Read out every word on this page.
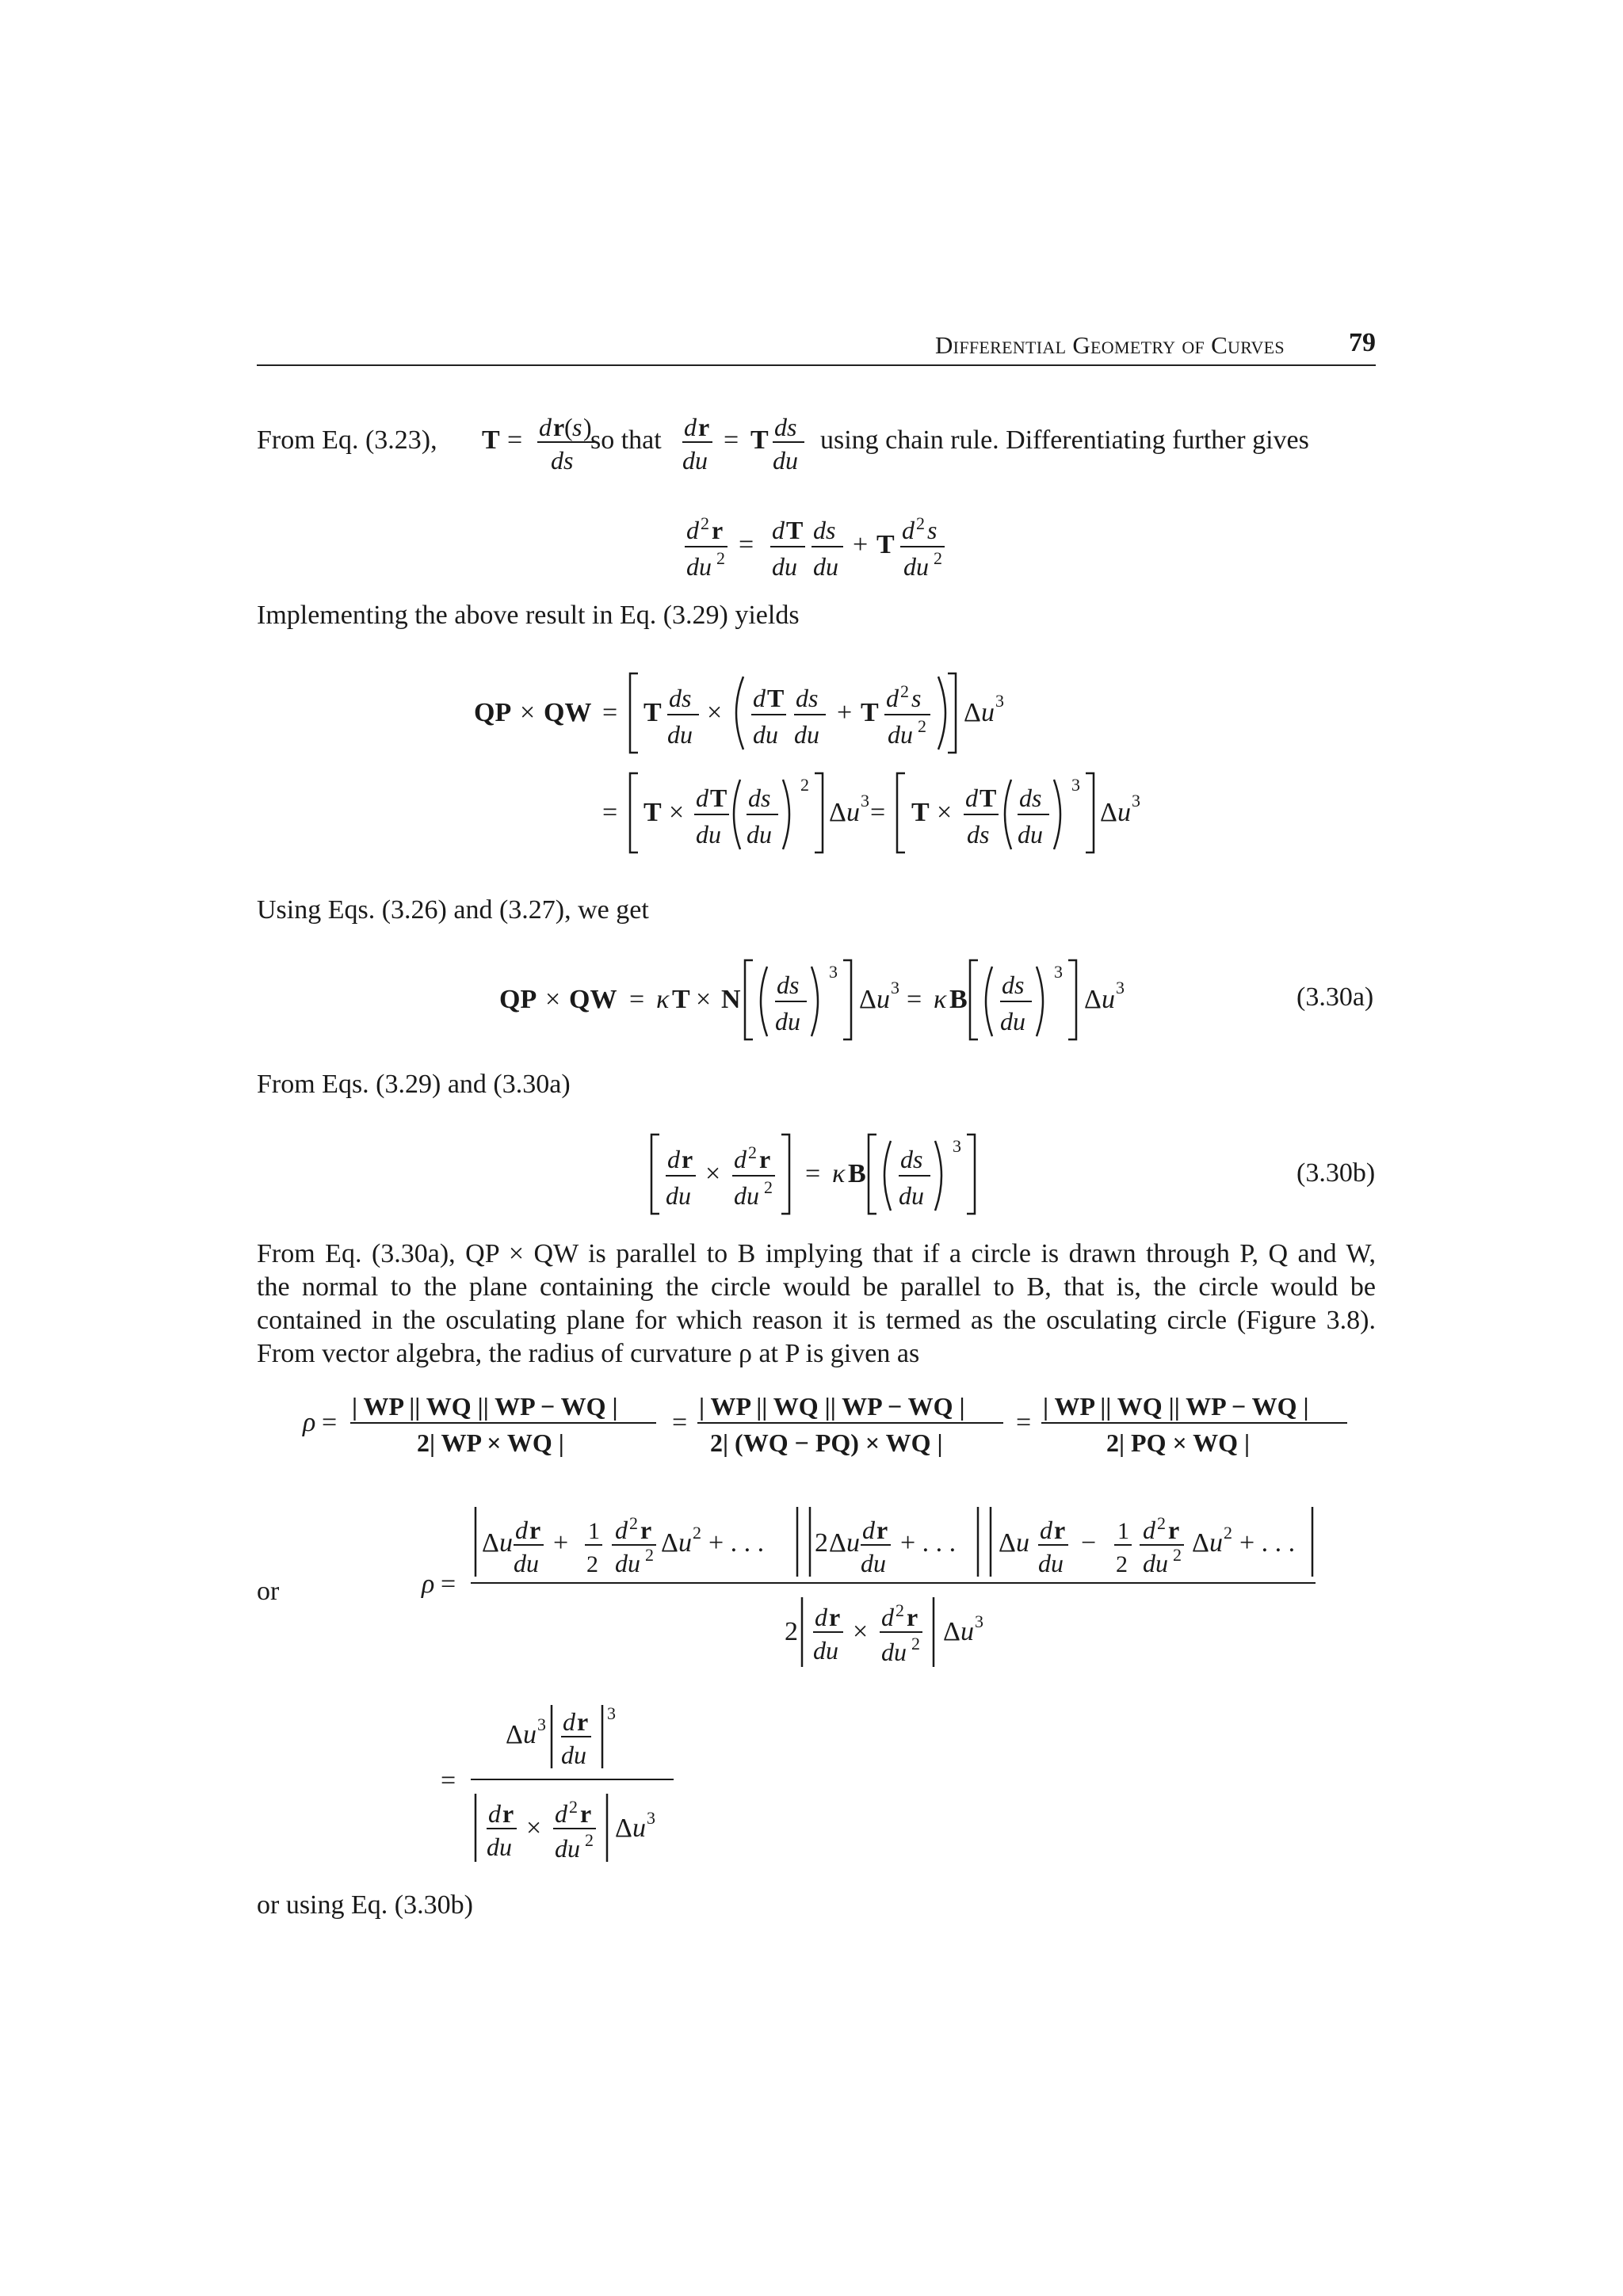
Differential Geometry of Curves 79
From Eq. (3.23), T = d r ( s )
ds
so that d r
du
= T ds
du
using chain rule. Differentiating further gives
d 2 r
du 2 = d T
du
ds
du
+ T d 2 s
du 2
Implementing the above result in Eq. (3.29) yields
QP × QW = T ds
du
× d T
du
ds
du
+ T d 2 s
du 2 Δ u 3
= T × d T
du
ds
du
2
Δ u 3 = T × d T
ds
ds
du
3
Δ u 3
Using Eqs. (3.26) and (3.27), we get
QP × QW = κ T × N ds
du
3
Δ u 3 = κ B ds
du
3
Δ u 3	(3.30a)
From Eqs. (3.29) and (3.30a)
d r
du
× d 2 r
du 2 = κ B ds
du
3
(3.30b)
From Eq. (3.30a), QP × QW is parallel to B implying that if a circle is drawn through P, Q and W,
the normal to the plane containing the circle would be parallel to B, that is, the circle would be
contained in the osculating plane for which reason it is termed as the osculating circle (Figure 3.8).
From vector algebra, the radius of curvature ρ at P is given as
ρ =
| WP || WQ || WP − WQ |
2| WP × WQ |
=
| WP || WQ || WP − WQ |
2| (WQ − PQ) × WQ |
=
| WP || WQ || WP − WQ |
2| PQ × WQ |
or	ρ =
Δ u d r
du
+ 1
2
d 2 r
du 2 Δ u 2 + . . . 2 Δ u d r
du
+ . . . Δ u d r
du
− 1
2
d 2 r
du 2 Δ u 2 + . . .
2 d r
du
× d 2 r
du 2 Δ u 3
=
Δ u 3 d r
du
3
d r
du
× d 2 r
du 2 Δ u 3
or using Eq. (3.30b)
